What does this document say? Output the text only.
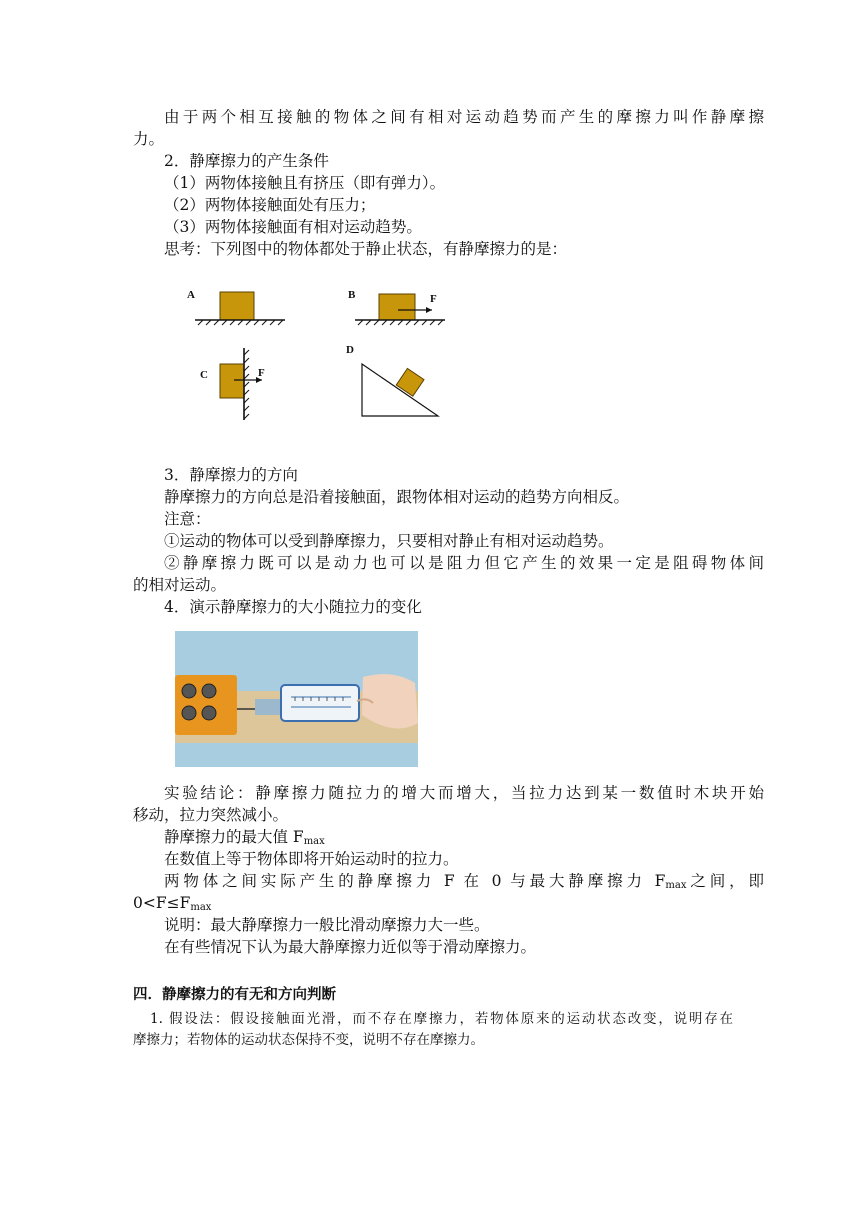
由于两个相互接触的物体之间有相对运动趋势而产生的摩擦力叫作静摩擦
力。
2．静摩擦力的产生条件
（1）两物体接触且有挤压（即有弹力）。
（2）两物体接触面处有压力；
（3）两物体接触面有相对运动趋势。
思考：下列图中的物体都处于静止状态，有静摩擦力的是：
A	B	F
C	F
D
3．静摩擦力的方向
静摩擦力的方向总是沿着接触面，跟物体相对运动的趋势方向相反。
注意：
①运动的物体可以受到静摩擦力，只要相对静止有相对运动趋势。
②静摩擦力既可以是动力也可以是阻力但它产生的效果一定是阻碍物体间
的相对运动。
4．演示静摩擦力的大小随拉力的变化
实验结论：静摩擦力随拉力的增大而增大，当拉力达到某一数值时木块开始
移动，拉力突然减小。
静摩擦力的最大值 $F_{max}$
在数值上等于物体即将开始运动时的拉力。
两物体之间实际产生的静摩擦力 F 在 0 与最大静摩擦力 $F_{max}$之间，即
$0<F\le F_{max}$
说明：最大静摩擦力一般比滑动摩擦力大一些。
在有些情况下认为最大静摩擦力近似等于滑动摩擦力。
四．静摩擦力的有无和方向判断
1. 假设法：假设接触面光滑，而不存在摩擦力，若物体原来的运动状态改变，说明存在
摩擦力；若物体的运动状态保持不变，说明不存在摩擦力。
